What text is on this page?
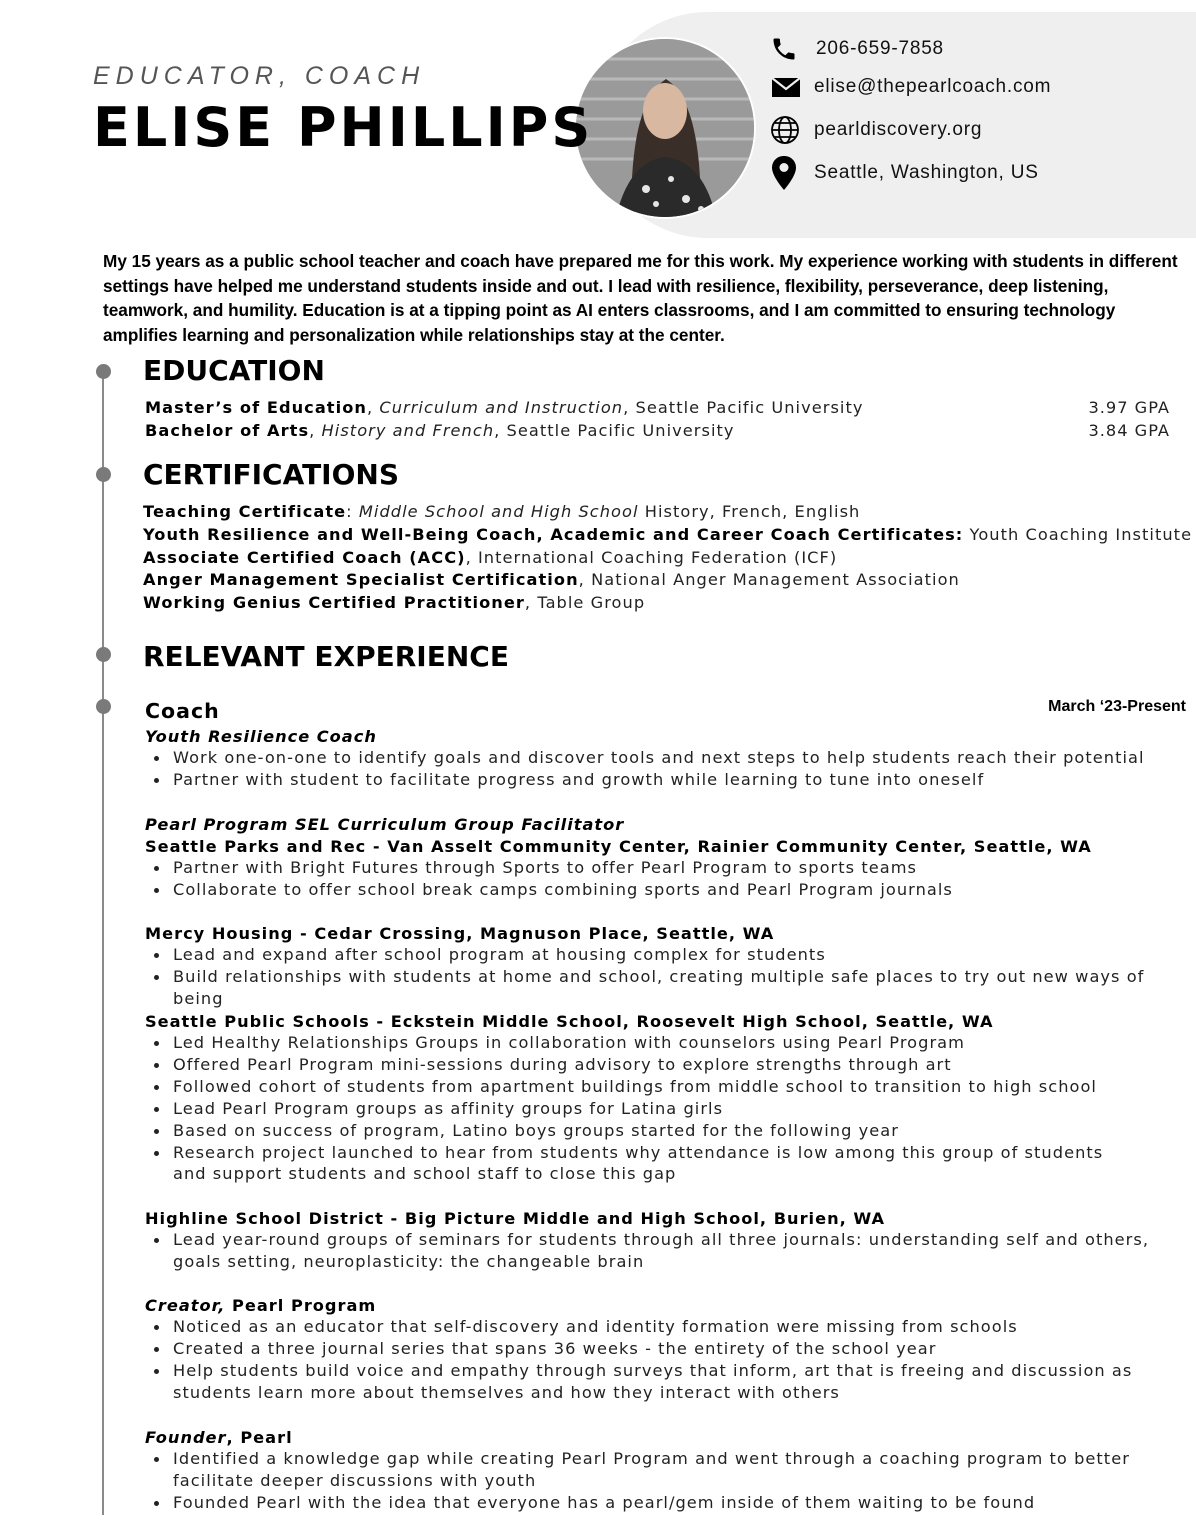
EDUCATOR, COACH
ELISE PHILLIPS
206-659-7858
elise@thepearlcoach.com
pearldiscovery.org
Seattle, Washington, US
My 15 years as a public school teacher and coach have prepared me for this work. My experience working with students in different settings have helped me understand students inside and out. I lead with resilience, flexibility, perseverance, deep listening, teamwork, and humility. Education is at a tipping point as AI enters classrooms, and I am committed to ensuring technology amplifies learning and personalization while relationships stay at the center.
EDUCATION
Master’s of Education, Curriculum and Instruction, Seattle Pacific University	3.97 GPA
Bachelor of Arts, History and French, Seattle Pacific University	3.84 GPA
CERTIFICATIONS
Teaching Certificate: Middle School and High School History, French, English
Youth Resilience and Well-Being Coach, Academic and Career Coach Certificates: Youth Coaching Institute
Associate Certified Coach (ACC), International Coaching Federation (ICF)
Anger Management Specialist Certification, National Anger Management Association
Working Genius Certified Practitioner, Table Group
RELEVANT EXPERIENCE
Coach	March ‘23-Present
Youth Resilience Coach
Work one-on-one to identify goals and discover tools and next steps to help students reach their potential
Partner with student to facilitate progress and growth while learning to tune into oneself
Pearl Program SEL Curriculum Group Facilitator
Seattle Parks and Rec - Van Asselt Community Center, Rainier Community Center, Seattle, WA
Partner with Bright Futures through Sports to offer Pearl Program to sports teams
Collaborate to offer school break camps combining sports and Pearl Program journals
Mercy Housing - Cedar Crossing, Magnuson Place, Seattle, WA
Lead and expand after school program at housing complex for students
Build relationships with students at home and school, creating multiple safe places to try out new ways of being
Seattle Public Schools - Eckstein Middle School, Roosevelt High School, Seattle, WA
Led Healthy Relationships Groups in collaboration with counselors using Pearl Program
Offered Pearl Program mini-sessions during advisory to explore strengths through art
Followed cohort of students from apartment buildings from middle school to transition to high school
Lead Pearl Program groups as affinity groups for Latina girls
Based on success of program, Latino boys groups started for the following year
Research project launched to hear from students why attendance is low among this group of students and support students and school staff to close this gap
Highline School District - Big Picture Middle and High School, Burien, WA
Lead year-round groups of seminars for students through all three journals: understanding self and others, goals setting, neuroplasticity: the changeable brain
Creator, Pearl Program
Noticed as an educator that self-discovery and identity formation were missing from schools
Created a three journal series that spans 36 weeks - the entirety of the school year
Help students build voice and empathy through surveys that inform, art that is freeing and discussion as students learn more about themselves and how they interact with others
Founder, Pearl
Identified a knowledge gap while creating Pearl Program and went through a coaching program to better facilitate deeper discussions with youth
Founded Pearl with the idea that everyone has a pearl/gem inside of them waiting to be found
